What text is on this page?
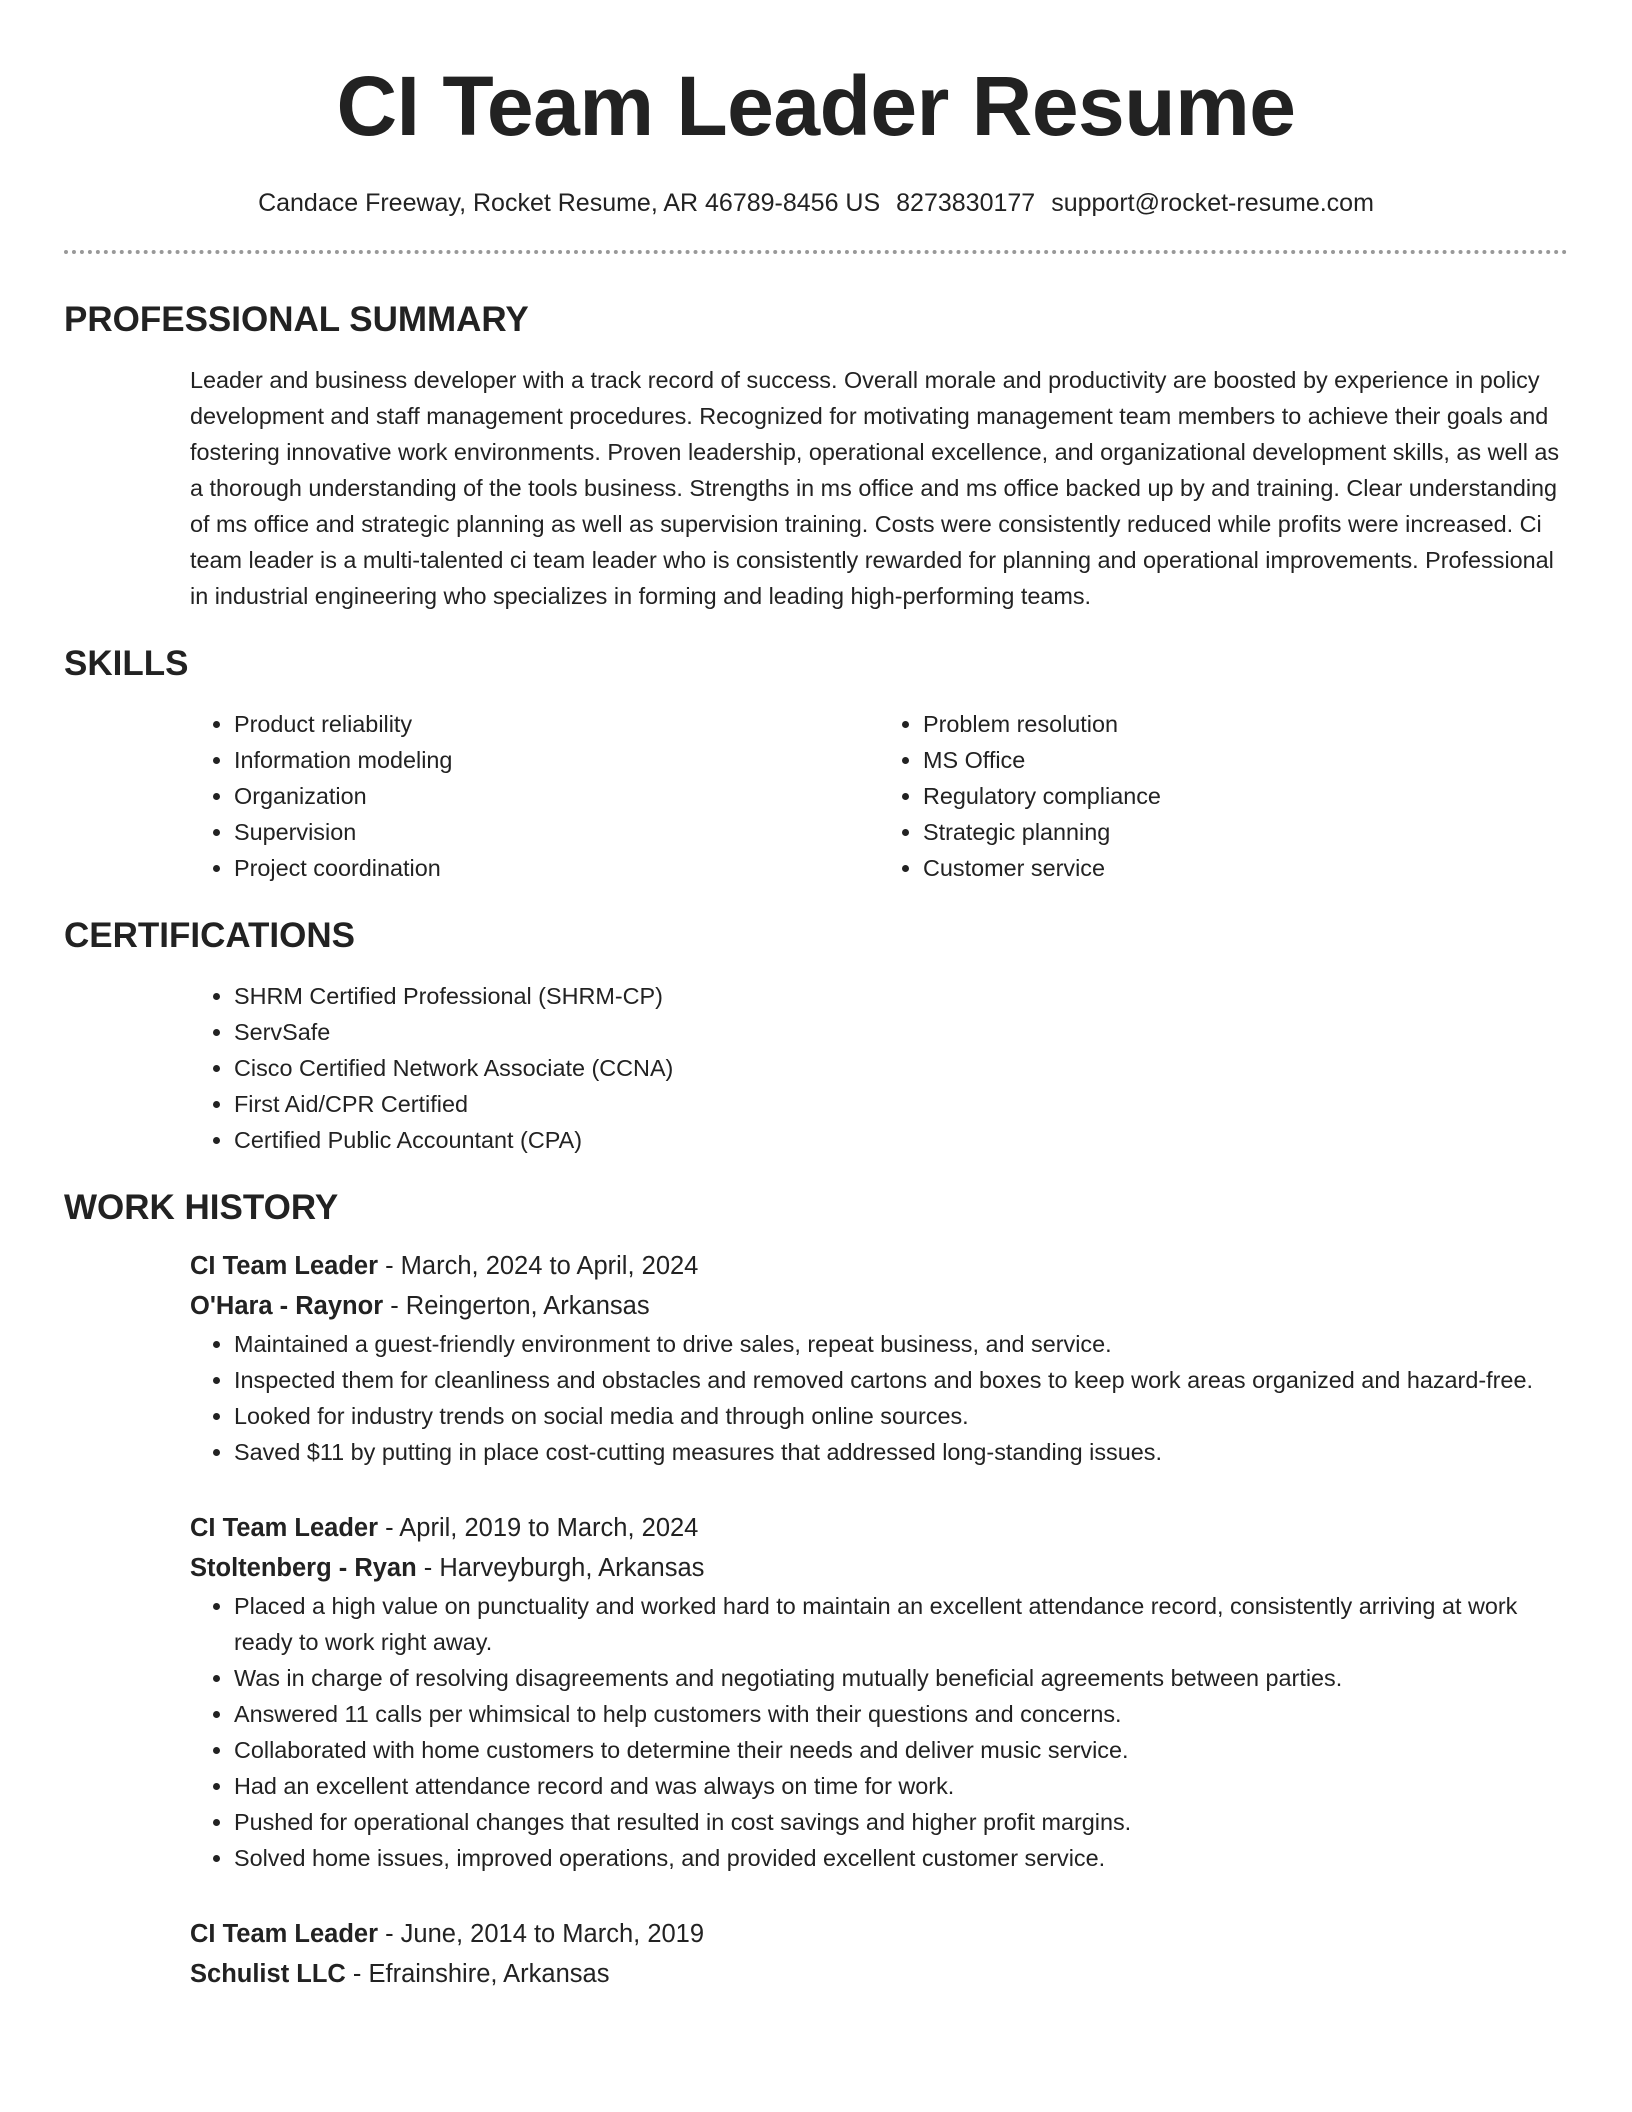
CI Team Leader Resume
Candace Freeway, Rocket Resume, AR 46789-8456 US 8273830177 support@rocket-resume.com
PROFESSIONAL SUMMARY

Leader and business developer with a track record of success. Overall morale and productivity are boosted by experience in policy development and staff management procedures. Recognized for motivating management team members to achieve their goals and fostering innovative work environments. Proven leadership, operational excellence, and organizational development skills, as well as a thorough understanding of the tools business. Strengths in ms office and ms office backed up by and training. Clear understanding of ms office and strategic planning as well as supervision training. Costs were consistently reduced while profits were increased. Ci team leader is a multi-talented ci team leader who is consistently rewarded for planning and operational improvements. Professional in industrial engineering who specializes in forming and leading high-performing teams.

SKILLS
• Product reliability
• Information modeling
• Organization
• Supervision
• Project coordination
• Problem resolution
• MS Office
• Regulatory compliance
• Strategic planning
• Customer service
CERTIFICATIONS
• SHRM Certified Professional (SHRM-CP)
• ServSafe
• Cisco Certified Network Associate (CCNA)
• First Aid/CPR Certified
• Certified Public Accountant (CPA)
WORK HISTORY
CI Team Leader - March, 2024 to April, 2024
O'Hara - Raynor - Reingerton, Arkansas
• Maintained a guest-friendly environment to drive sales, repeat business, and service.
• Inspected them for cleanliness and obstacles and removed cartons and boxes to keep work areas organized and hazard-free.
• Looked for industry trends on social media and through online sources.
• Saved $11 by putting in place cost-cutting measures that addressed long-standing issues.
CI Team Leader - April, 2019 to March, 2024
Stoltenberg - Ryan - Harveyburgh, Arkansas
• Placed a high value on punctuality and worked hard to maintain an excellent attendance record, consistently arriving at work ready to work right away.
• Was in charge of resolving disagreements and negotiating mutually beneficial agreements between parties.
• Answered 11 calls per whimsical to help customers with their questions and concerns.
• Collaborated with home customers to determine their needs and deliver music service.
• Had an excellent attendance record and was always on time for work.
• Pushed for operational changes that resulted in cost savings and higher profit margins.
• Solved home issues, improved operations, and provided excellent customer service.
CI Team Leader - June, 2014 to March, 2019
Schulist LLC - Efrainshire, Arkansas
